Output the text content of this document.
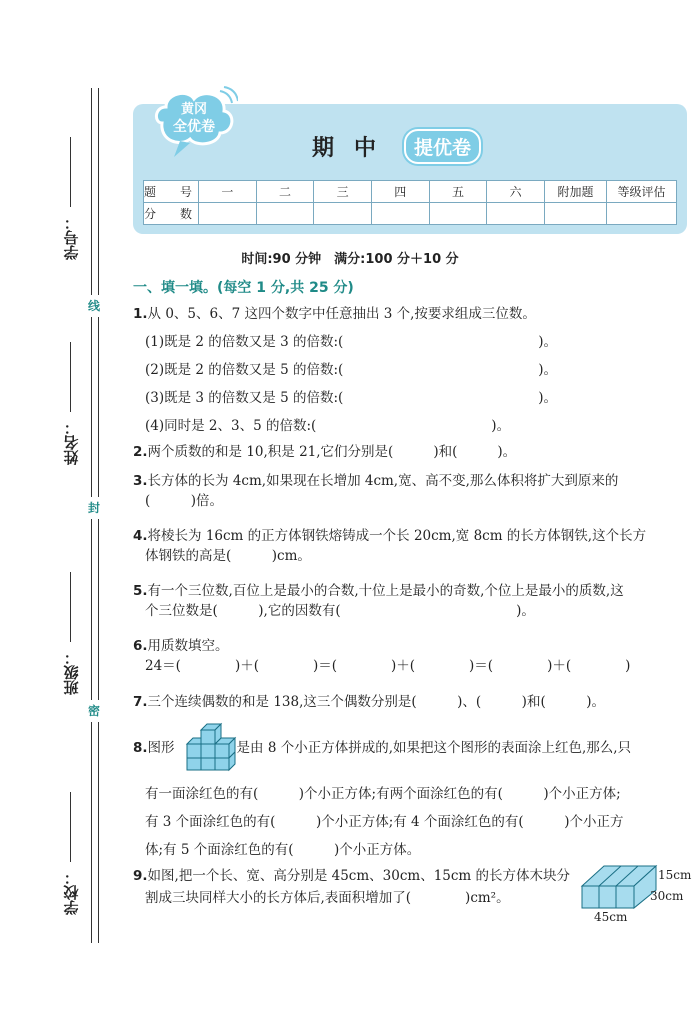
线
封
密
学号：
姓名：
班级：
学校：
黄冈
全优卷
期中 提优卷
题　号	一	二	三	四	五	六	附加题	等级评估
分　数								
时间:90 分钟　满分:100 分＋10 分
一、填一填。(每空 1 分,共 25 分)
1.从 0、5、6、7 这四个数字中任意抽出 3 个,按要求组成三位数。
(1)既是 2 的倍数又是 3 的倍数:(	)。
(2)既是 2 的倍数又是 5 的倍数:(	)。
(3)既是 3 的倍数又是 5 的倍数:(	)。
(4)同时是 2、3、5 的倍数:(	)。
2.两个质数的和是 10,积是 21,它们分别是(	)和(	)。
3.长方体的长为 4cm,如果现在长增加 4cm,宽、高不变,那么体积将扩大到原来的
(　　　)倍。
4.将棱长为 16cm 的正方体钢铁熔铸成一个长 20cm,宽 8cm 的长方体钢铁,这个长方
体钢铁的高是(　　　)cm。
5.有一个三位数,百位上是最小的合数,十位上是最小的奇数,个位上是最小的质数,这
个三位数是(　　　),它的因数有(　　　　　　　　　　　　　)。
6.用质数填空。
24＝(　　　　)＋(　　　　)＝(　　　　)＋(　　　　)＝(　　　　)＋(　　　　)
7.三个连续偶数的和是 138,这三个偶数分别是(　　　)、(　　　)和(　　　)。
8.图形	是由 8 个小正方体拼成的,如果把这个图形的表面涂上红色,那么,只
有一面涂红色的有(　　　)个小正方体;有两个面涂红色的有(　　　)个小正方体;
有 3 个面涂红色的有(　　　)个小正方体;有 4 个面涂红色的有(　　　)个小正方
体;有 5 个面涂红色的有(　　　)个小正方体。
9.如图,把一个长、宽、高分别是 45cm、30cm、15cm 的长方体木块分
割成三块同样大小的长方体后,表面积增加了(　　　　)cm²。
15cm
30cm
45cm
